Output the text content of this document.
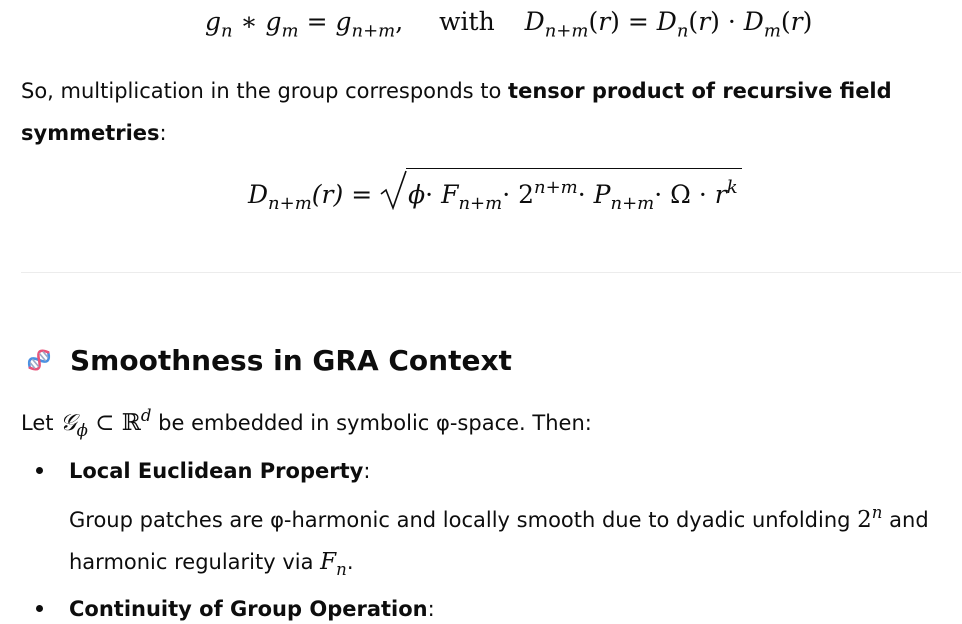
$g_n$ ∗ $g_m = g_{n+m}$, with $D_{n+m}(r) = D_n(r) \cdot D_m(r)$
So, multiplication in the group corresponds to tensor product of recursive field symmetries:
$D_{n+m}(r) = \phi\cdot F_{n+m}\cdot 2^{n+m}\cdot P_{n+m}\cdot \Omega \cdot r^k$
Smoothness in GRA Context
Let 𝒢$_\phi$ ⊂ ℝ$^d$ be embedded in symbolic φ-space. Then:
Local Euclidean Property:
Group patches are φ-harmonic and locally smooth due to dyadic unfolding 2$^n$ and harmonic regularity via $F_n$.
Continuity of Group Operation:
